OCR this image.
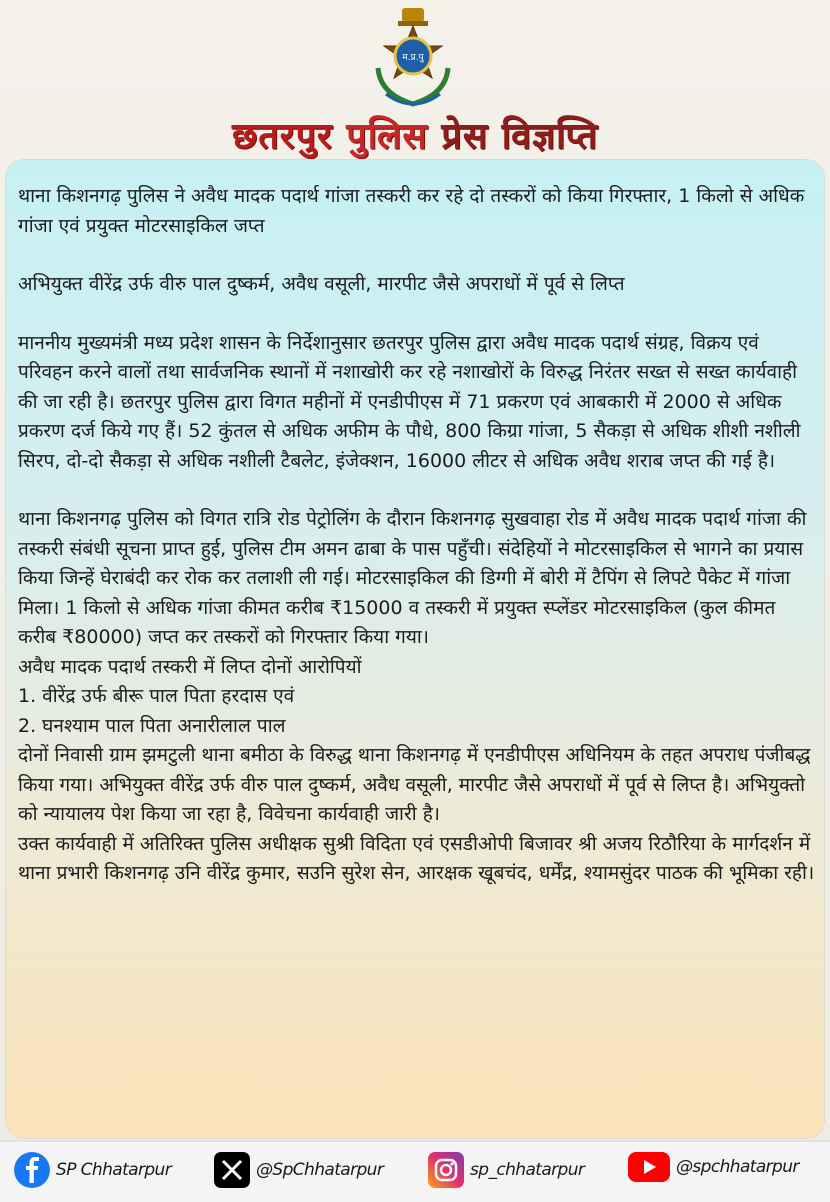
म.प्र.पु
छतरपुर पुलिस प्रेस विज्ञप्ति

थाना किशनगढ़ पुलिस ने अवैध मादक पदार्थ गांजा तस्करी कर रहे दो तस्करों को किया गिरफ्तार, 1 किलो से अधिक गांजा एवं प्रयुक्त मोटरसाइकिल जप्त

अभियुक्त वीरेंद्र उर्फ वीरु पाल दुष्कर्म, अवैध वसूली, मारपीट जैसे अपराधों में पूर्व से लिप्त

माननीय मुख्यमंत्री मध्य प्रदेश शासन के निर्देशानुसार छतरपुर पुलिस द्वारा अवैध मादक पदार्थ संग्रह, विक्रय एवं परिवहन करने वालों तथा सार्वजनिक स्थानों में नशाखोरी कर रहे नशाखोरों के विरुद्ध निरंतर सख्त से सख्त कार्यवाही की जा रही है। छतरपुर पुलिस द्वारा विगत महीनों में एनडीपीएस में 71 प्रकरण एवं आबकारी में 2000 से अधिक प्रकरण दर्ज किये गए हैं। 52 कुंतल से अधिक अफीम के पौधे, 800 किग्रा गांजा, 5 सैकड़ा से अधिक शीशी नशीली सिरप, दो-दो सैकड़ा से अधिक नशीली टैबलेट, इंजेक्शन, 16000 लीटर से अधिक अवैध शराब जप्त की गई है।

थाना किशनगढ़ पुलिस को विगत रात्रि रोड पेट्रोलिंग के दौरान किशनगढ़ सुखवाहा रोड में अवैध मादक पदार्थ गांजा की तस्करी संबंधी सूचना प्राप्त हुई, पुलिस टीम अमन ढाबा के पास पहुँची। संदेहियों ने मोटरसाइकिल से भागने का प्रयास किया जिन्हें घेराबंदी कर रोक कर तलाशी ली गई। मोटरसाइकिल की डिग्गी में बोरी में टैपिंग से लिपटे पैकेट में गांजा मिला। 1 किलो से अधिक गांजा कीमत करीब ₹15000 व तस्करी में प्रयुक्त स्प्लेंडर मोटरसाइकिल (कुल कीमत करीब ₹80000) जप्त कर तस्करों को गिरफ्तार किया गया।

अवैध मादक पदार्थ तस्करी में लिप्त दोनों आरोपियों

1. वीरेंद्र उर्फ बीरू पाल पिता हरदास एवं

2. घनश्याम पाल पिता अनारीलाल पाल

दोनों निवासी ग्राम झमटुली थाना बमीठा के विरुद्ध थाना किशनगढ़ में एनडीपीएस अधिनियम के तहत अपराध पंजीबद्ध किया गया। अभियुक्त वीरेंद्र उर्फ वीरु पाल दुष्कर्म, अवैध वसूली, मारपीट जैसे अपराधों में पूर्व से लिप्त है। अभियुक्तो को न्यायालय पेश किया जा रहा है, विवेचना कार्यवाही जारी है।

उक्त कार्यवाही में अतिरिक्त पुलिस अधीक्षक सुश्री विदिता एवं एसडीओपी बिजावर श्री अजय रिठौरिया के मार्गदर्शन में थाना प्रभारी किशनगढ़ उनि वीरेंद्र कुमार, सउनि सुरेश सेन, आरक्षक खूबचंद, धर्मेंद्र, श्यामसुंदर पाठक की भूमिका रही।

SP Chhatarpur	@SpChhatarpur	sp_chhatarpur	@spchhatarpur
